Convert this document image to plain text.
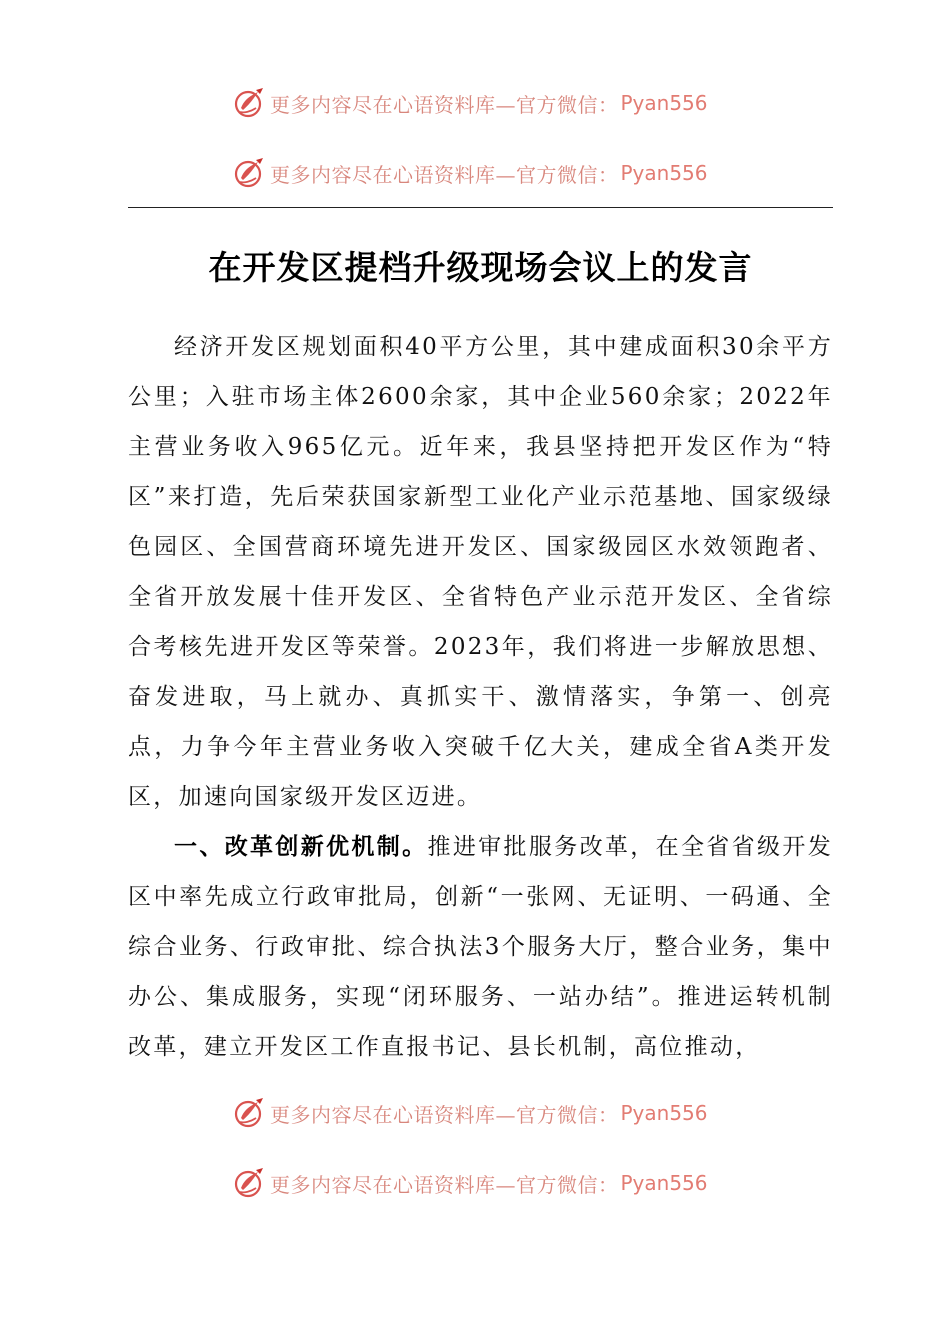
更多内容尽在心语资料库—官方微信： Pyan556
更多内容尽在心语资料库—官方微信： Pyan556
在开发区提档升级现场会议上的发言

经济开发区规划面积40平方公里，其中建成面积30余平方公里；入驻市场主体2600余家，其中企业560余家；2022年主营业务收入965亿元。近年来，我县坚持把开发区作为“特区”来打造，先后荣获国家新型工业化产业示范基地、国家级绿色园区、全国营商环境先进开发区、国家级园区水效领跑者、全省开放发展十佳开发区、全省特色产业示范开发区、全省综合考核先进开发区等荣誉。2023年，我们将进一步解放思想、奋发进取，马上就办、真抓实干、激情落实，争第一、创亮点，力争今年主营业务收入突破千亿大关，建成全省A类开发区，加速向国家级开发区迈进。

一、改革创新优机制。推进审批服务改革，在全省省级开发区中率先成立行政审批局，创新“一张网、无证明、一码通、全综合业务、行政审批、综合执法3个服务大厅，整合业务，集中办公、集成服务，实现“闭环服务、一站办结”。推进运转机制改革，建立开发区工作直报书记、县长机制，高位推动，

更多内容尽在心语资料库—官方微信： Pyan556
更多内容尽在心语资料库—官方微信： Pyan556
